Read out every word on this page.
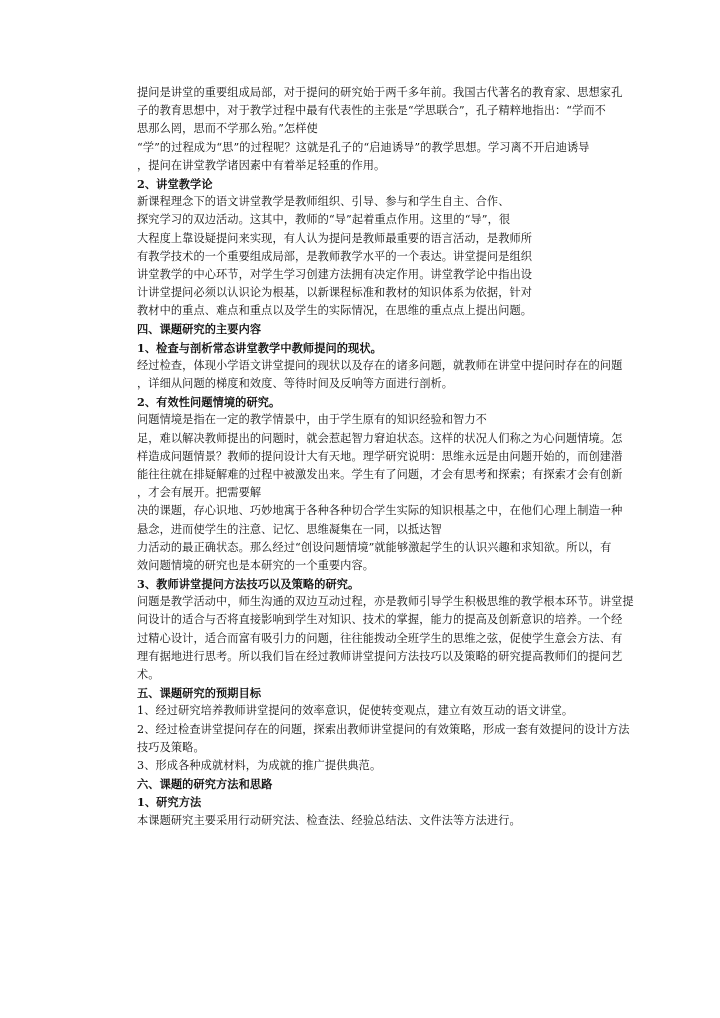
提问是讲堂的重要组成局部，对于提问的研究始于两千多年前。我国古代著名的教育家、思想家孔
子的教育思想中，对于教学过程中最有代表性的主张是“学思联合”，孔子精粹地指出：“学而不
思那么罔，思而不学那么殆。”怎样使
“学”的过程成为“思”的过程呢？这就是孔子的“启迪诱导”的教学思想。学习离不开启迪诱导
，提问在讲堂教学诸因素中有着举足轻重的作用。
2、讲堂教学论
新课程理念下的语文讲堂教学是教师组织、引导、参与和学生自主、合作、
探究学习的双边活动。这其中，教师的“导”起着重点作用。这里的“导”，很
大程度上靠设疑提问来实现，有人认为提问是教师最重要的语言活动，是教师所
有教学技术的一个重要组成局部，是教师教学水平的一个表达。讲堂提问是组织
讲堂教学的中心环节，对学生学习创建方法拥有决定作用。讲堂教学论中指出设
计讲堂提问必须以认识论为根基，以新课程标准和教材的知识体系为依据，针对
教材中的重点、难点和重点以及学生的实际情况，在思维的重点点上提出问题。
四、课题研究的主要内容
1、检查与剖析常态讲堂教学中教师提问的现状。
经过检查，体现小学语文讲堂提问的现状以及存在的诸多问题，就教师在讲堂中提问时存在的问题
，详细从问题的梯度和效度、等待时间及反响等方面进行剖析。
2、有效性问题情境的研究。
问题情境是指在一定的教学情景中，由于学生原有的知识经验和智力不
足，难以解决教师提出的问题时，就会惹起智力窘迫状态。这样的状况人们称之为心问题情境。怎
样造成问题情景？教师的提问设计大有天地。理学研究说明：思维永远是由问题开始的，而创建潜
能往往就在排疑解难的过程中被激发出来。学生有了问题，才会有思考和探索；有探索才会有创新
，才会有展开。把需要解
决的课题，存心识地、巧妙地寓于各种各种切合学生实际的知识根基之中，在他们心理上制造一种
悬念，进而使学生的注意、记忆、思维凝集在一同，以抵达智
力活动的最正确状态。那么经过“创设问题情境”就能够激起学生的认识兴趣和求知欲。所以，有
效问题情境的研究也是本研究的一个重要内容。
3、教师讲堂提问方法技巧以及策略的研究。
问题是教学活动中，师生沟通的双边互动过程，亦是教师引导学生积极思维的教学根本环节。讲堂提
问设计的适合与否将直接影响到学生对知识、技术的掌握，能力的提高及创新意识的培养。一个经
过精心设计，适合而富有吸引力的问题，往往能拨动全班学生的思维之弦，促使学生意会方法、有
理有据地进行思考。所以我们旨在经过教师讲堂提问方法技巧以及策略的研究提高教师们的提问艺
术。
五、课题研究的预期目标
1、经过研究培养教师讲堂提问的效率意识，促使转变观点，建立有效互动的语文讲堂。
2、经过检查讲堂提问存在的问题，探索出教师讲堂提问的有效策略，形成一套有效提问的设计方法
技巧及策略。
3、形成各种成就材料，为成就的推广提供典范。
六、课题的研究方法和思路
1、研究方法
本课题研究主要采用行动研究法、检查法、经验总结法、文件法等方法进行。
